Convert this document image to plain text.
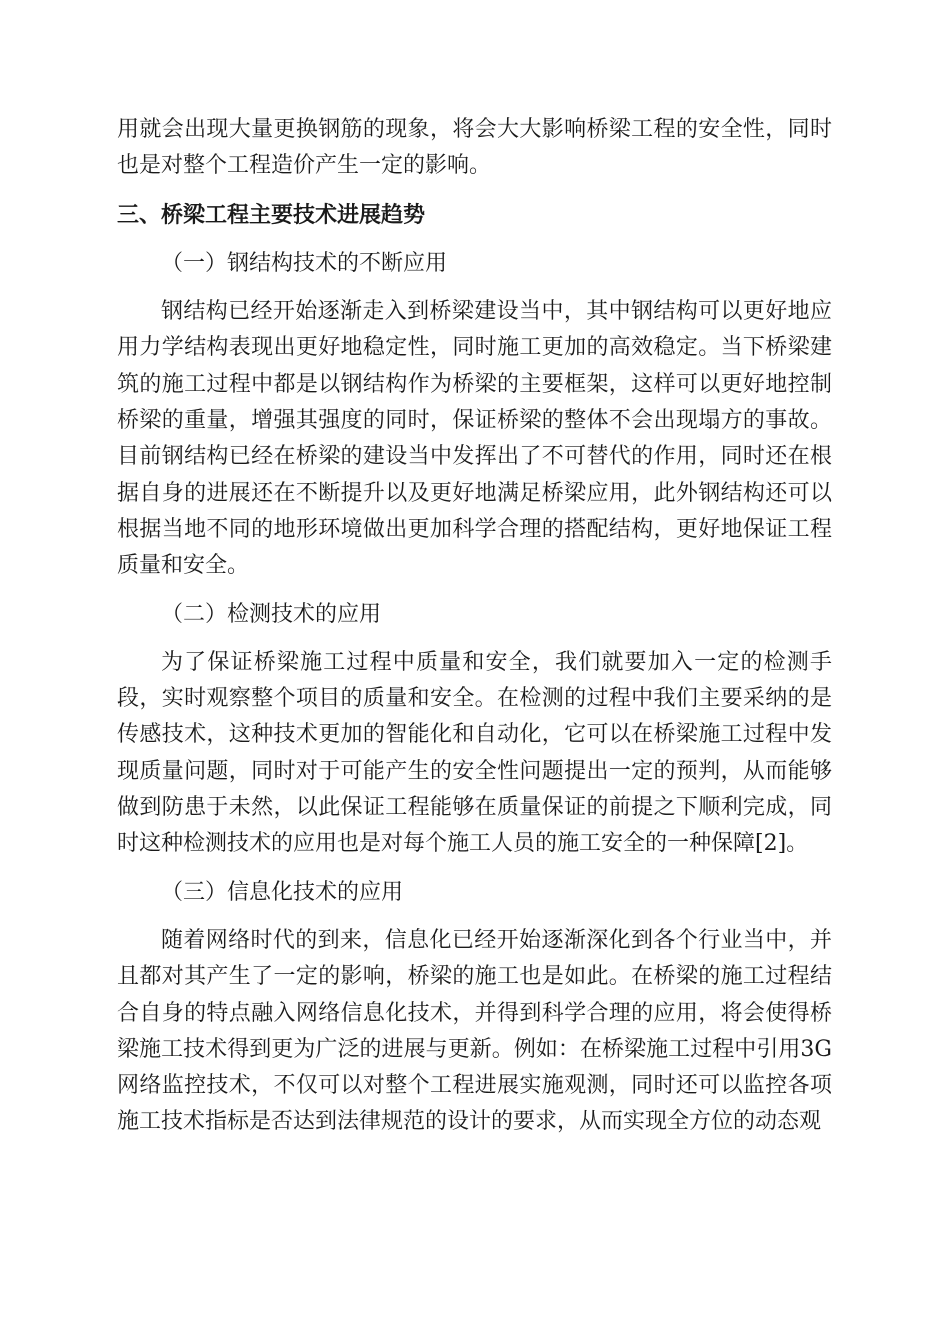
用就会出现大量更换钢筋的现象，将会大大影响桥梁工程的安全性，同时也是对整个工程造价产生一定的影响。

三、桥梁工程主要技术进展趋势

（一）钢结构技术的不断应用

钢结构已经开始逐渐走入到桥梁建设当中，其中钢结构可以更好地应用力学结构表现出更好地稳定性，同时施工更加的高效稳定。当下桥梁建筑的施工过程中都是以钢结构作为桥梁的主要框架，这样可以更好地控制桥梁的重量，增强其强度的同时，保证桥梁的整体不会出现塌方的事故。目前钢结构已经在桥梁的建设当中发挥出了不可替代的作用，同时还在根据自身的进展还在不断提升以及更好地满足桥梁应用，此外钢结构还可以根据当地不同的地形环境做出更加科学合理的搭配结构，更好地保证工程质量和安全。

（二）检测技术的应用

为了保证桥梁施工过程中质量和安全，我们就要加入一定的检测手段，实时观察整个项目的质量和安全。在检测的过程中我们主要采纳的是传感技术，这种技术更加的智能化和自动化，它可以在桥梁施工过程中发现质量问题，同时对于可能产生的安全性问题提出一定的预判，从而能够做到防患于未然，以此保证工程能够在质量保证的前提之下顺利完成，同时这种检测技术的应用也是对每个施工人员的施工安全的一种保障[2]。

（三）信息化技术的应用

随着网络时代的到来，信息化已经开始逐渐深化到各个行业当中，并且都对其产生了一定的影响，桥梁的施工也是如此。在桥梁的施工过程结合自身的特点融入网络信息化技术，并得到科学合理的应用，将会使得桥梁施工技术得到更为广泛的进展与更新。例如：在桥梁施工过程中引用3G网络监控技术，不仅可以对整个工程进展实施观测，同时还可以监控各项施工技术指标是否达到法律规范的设计的要求，从而实现全方位的动态观
